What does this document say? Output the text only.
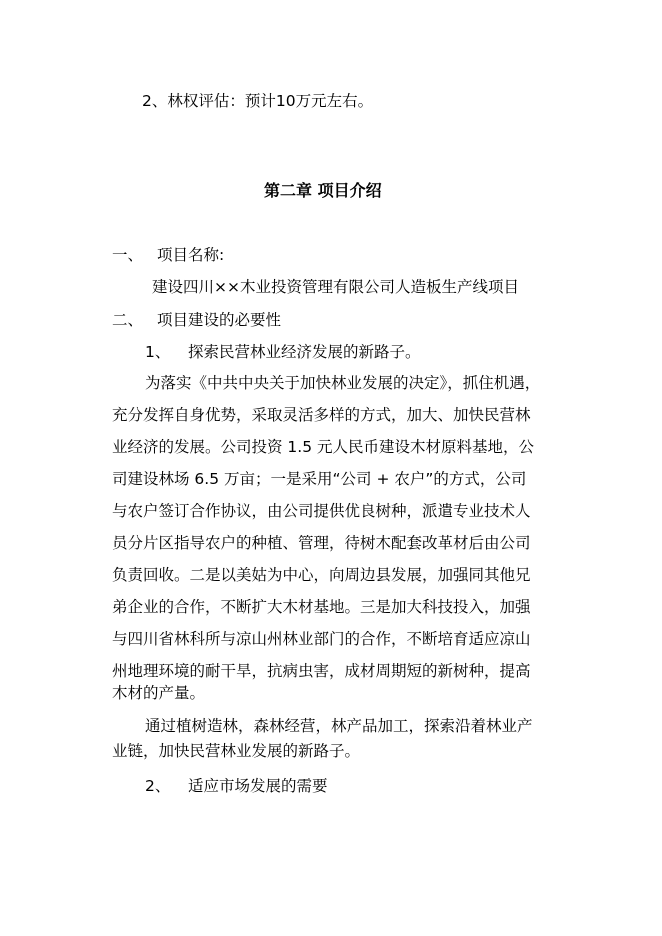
2、林权评估：预计10万元左右。
第二章 项目介绍
一、 项目名称:
建设四川××木业投资管理有限公司人造板生产线项目
二、 项目建设的必要性
1、 探索民营林业经济发展的新路子。
为落实《中共中央关于加快林业发展的决定》，抓住机遇，
充分发挥自身优势，采取灵活多样的方式，加大、加快民营林
业经济的发展。公司投资 1.5 元人民币建设木材原料基地，公
司建设林场 6.5 万亩；一是采用“公司 + 农户”的方式，公司
与农户签订合作协议，由公司提供优良树种，派遣专业技术人
员分片区指导农户的种植、管理，待树木配套改革材后由公司
负责回收。二是以美姑为中心，向周边县发展，加强同其他兄
弟企业的合作，不断扩大木材基地。三是加大科技投入，加强
与四川省林科所与凉山州林业部门的合作，不断培育适应凉山
州地理环境的耐干旱，抗病虫害，成材周期短的新树种，提高
木材的产量。
通过植树造林，森林经营，林产品加工，探索沿着林业产
业链，加快民营林业发展的新路子。
2、 适应市场发展的需要
